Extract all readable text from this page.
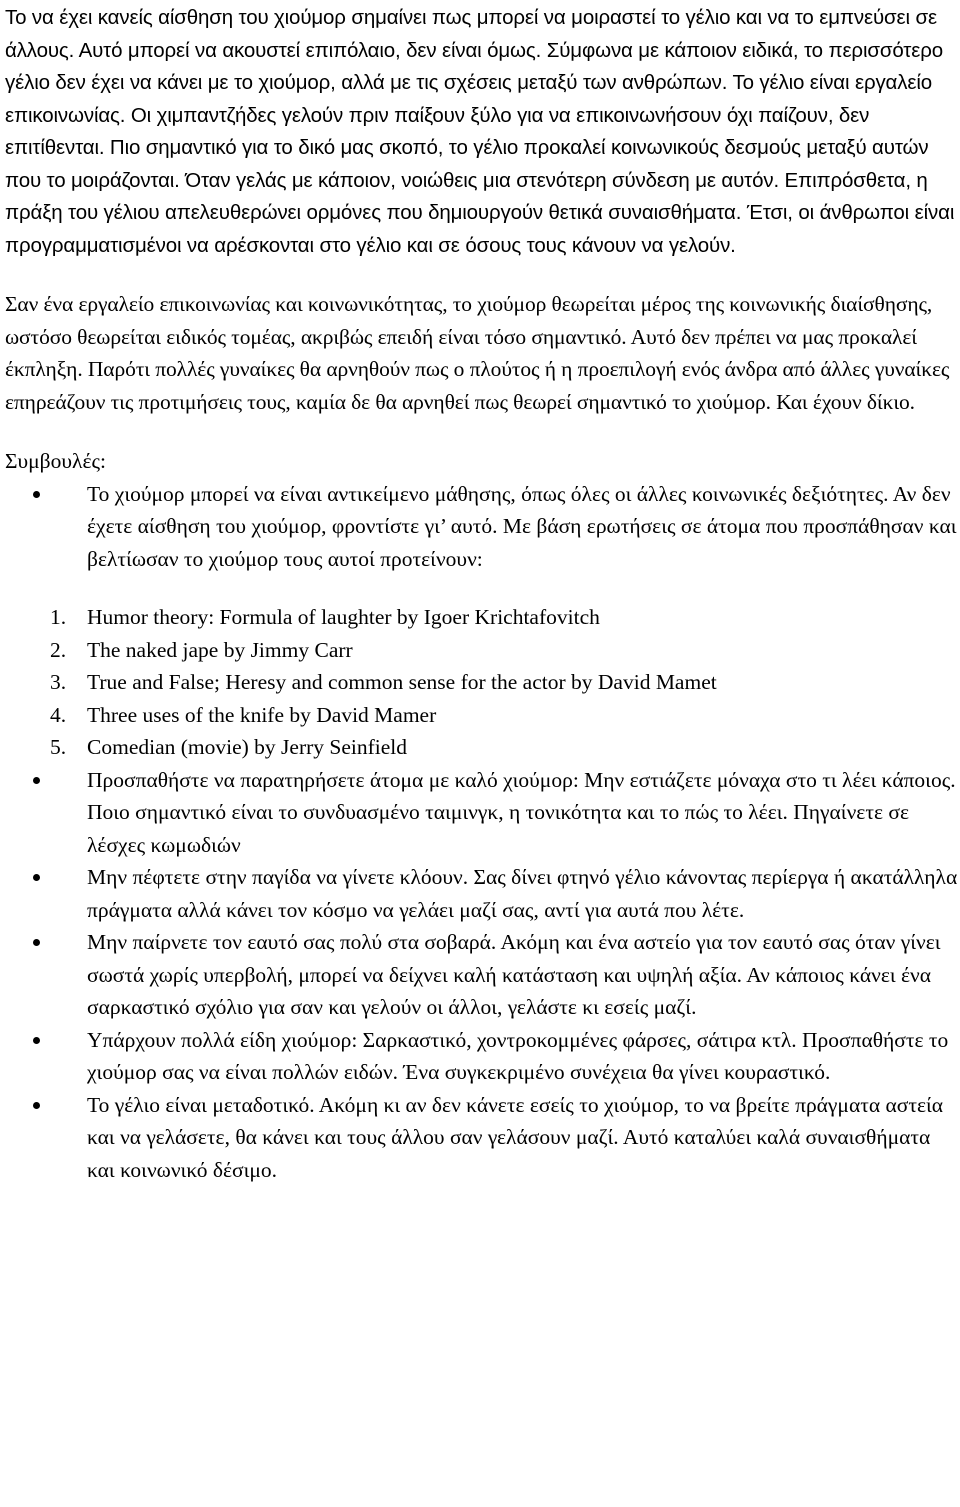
Το να έχει κανείς αίσθηση του χιούμορ σημαίνει πως μπορεί να μοιραστεί το γέλιο και να το εμπνεύσει σε άλλους. Αυτό μπορεί να ακουστεί επιπόλαιο, δεν είναι όμως. Σύμφωνα με κάποιον ειδικά, το περισσότερο γέλιο δεν έχει να κάνει με το χιούμορ, αλλά με τις σχέσεις μεταξύ των ανθρώπων. Το γέλιο είναι εργαλείο επικοινωνίας. Οι χιμπαντζήδες γελούν πριν παίξουν ξύλο για να επικοινωνήσουν όχι παίζουν, δεν επιτίθενται. Πιο σημαντικό για το δικό μας σκοπό, το γέλιο προκαλεί κοινωνικούς δεσμούς μεταξύ αυτών που το μοιράζονται. Όταν γελάς με κάποιον, νοιώθεις μια στενότερη σύνδεση με αυτόν. Επιπρόσθετα, η πράξη του γέλιου απελευθερώνει ορμόνες που δημιουργούν θετικά συναισθήματα. Έτσι, οι άνθρωποι είναι προγραμματισμένοι να αρέσκονται στο γέλιο και σε όσους τους κάνουν να γελούν.

Σαν ένα εργαλείο επικοινωνίας και κοινωνικότητας, το χιούμορ θεωρείται μέρος της κοινωνικής διαίσθησης, ωστόσο θεωρείται ειδικός τομέας, ακριβώς επειδή είναι τόσο σημαντικό. Αυτό δεν πρέπει να μας προκαλεί έκπληξη. Παρότι πολλές γυναίκες θα αρνηθούν πως ο πλούτος ή η προεπιλογή ενός άνδρα από άλλες γυναίκες επηρεάζουν τις προτιμήσεις τους, καμία δε θα αρνηθεί πως θεωρεί σημαντικό το χιούμορ. Και έχουν δίκιο.

Συμβουλές:

Το χιούμορ μπορεί να είναι αντικείμενο μάθησης, όπως όλες οι άλλες κοινωνικές δεξιότητες. Αν δεν έχετε αίσθηση του χιούμορ, φροντίστε γι’ αυτό. Με βάση ερωτήσεις σε άτομα που προσπάθησαν και βελτίωσαν το χιούμορ τους αυτοί προτείνουν:
1. Humor theory: Formula of laughter by Igoer Krichtafovitch
2. The naked jape by Jimmy Carr
3. True and False; Heresy and common sense for the actor by David Mamet
4. Three uses of the knife by David Mamer
5. Comedian (movie) by Jerry Seinfield
Προσπαθήστε να παρατηρήσετε άτομα με καλό χιούμορ: Μην εστιάζετε μόναχα στο τι λέει κάποιος. Ποιο σημαντικό είναι το συνδυασμένο ταιμινγκ, η τονικότητα και το πώς το λέει. Πηγαίνετε σε λέσχες κωμωδιών
Μην πέφτετε στην παγίδα να γίνετε κλόουν. Σας δίνει φτηνό γέλιο κάνοντας περίεργα ή ακατάλληλα πράγματα αλλά κάνει τον κόσμο να γελάει μαζί σας, αντί για αυτά που λέτε.
Μην παίρνετε τον εαυτό σας πολύ στα σοβαρά. Ακόμη και ένα αστείο για τον εαυτό σας όταν γίνει σωστά χωρίς υπερβολή, μπορεί να δείχνει καλή κατάσταση και υψηλή αξία. Αν κάποιος κάνει ένα σαρκαστικό σχόλιο για σαν και γελούν οι άλλοι, γελάστε κι εσείς μαζί.
Υπάρχουν πολλά είδη χιούμορ: Σαρκαστικό, χοντροκομμένες φάρσες, σάτιρα κτλ. Προσπαθήστε το χιούμορ σας να είναι πολλών ειδών. Ένα συγκεκριμένο συνέχεια θα γίνει κουραστικό.
Το γέλιο είναι μεταδοτικό. Ακόμη κι αν δεν κάνετε εσείς το χιούμορ, το να βρείτε πράγματα αστεία και να γελάσετε, θα κάνει και τους άλλου σαν γελάσουν μαζί. Αυτό καταλύει καλά συναισθήματα και κοινωνικό δέσιμο.
